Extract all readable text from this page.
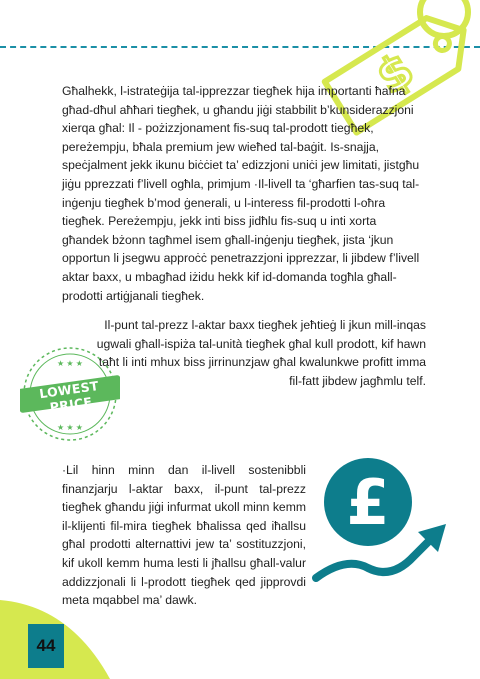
$

Għalhekk, l-istrateġija tal-ipprezzar tiegħek hija importanti ħafna għad-dħul aħħari tiegħek, u għandu jiġi stabbilit b’kunsiderazzjoni xierqa għal: Il - pożizzjonament fis-suq tal-prodott tiegħek, pereżempju, bħala premium jew wieħed tal-baġit. Is-snajja, speċjalment jekk ikunu biċċiet ta’ edizzjoni uniċi jew limitati, jistgħu jiġu pprezzati f’livell ogħla, primjum ·Il-livell ta ‘għarfien tas-suq tal-inġenju tiegħek b’mod ġenerali, u l-interess fil-prodotti l-oħra tiegħek. Pereżempju, jekk inti biss jidħlu fis-suq u inti xorta għandek bżonn tagħmel isem għall-inġenju tiegħek, jista ‘jkun opportun li jsegwu approċċ penetrazzjoni ipprezzar, li jibdew f’livell aktar baxx, u mbagħad iżidu hekk kif id-domanda togħla għall-prodotti artiġjanali tiegħek.

★ ★ ★
★ ★ ★
LOWEST PRICE

Il-punt tal-prezz l-aktar baxx tiegħek jeħtieġ li jkun mill-inqas ugwali għall-ispiża tal-unità tiegħek għal kull prodott, kif hawn taħt li inti mhux biss jirrinunzjaw għal kwalunkwe profitt imma fil-fatt jibdew jagħmlu telf.

·Lil hinn minn dan il-livell sostenibbli finanzjarju l-aktar baxx, il-punt tal-prezz tiegħek għandu jiġi infurmat ukoll minn kemm il-klijenti fil-mira tiegħek bħalissa qed iħallsu għal prodotti alternattivi jew ta’ sostituzzjoni, kif ukoll kemm huma lesti li jħallsu għall-valur addizzjonali li l-prodott tiegħek qed jipprovdi meta mqabbel ma’ dawk.

£
44
